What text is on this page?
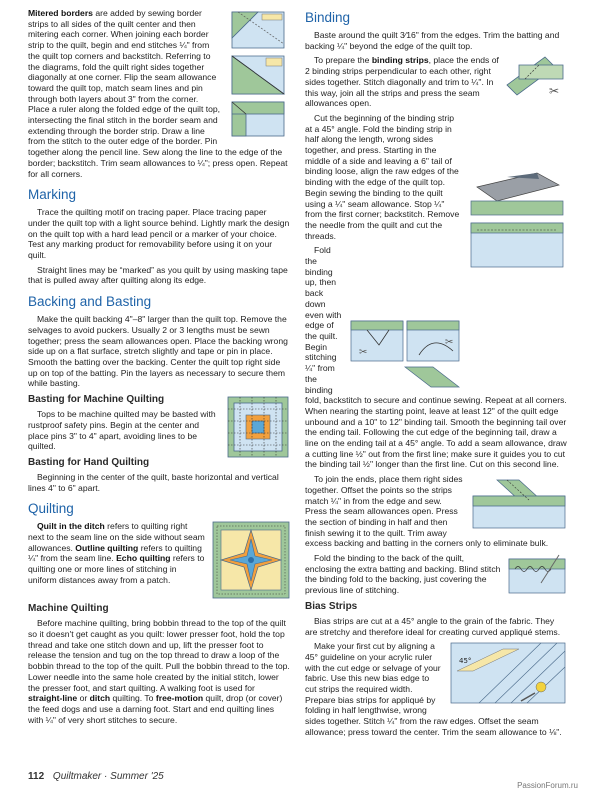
Mitered borders are added by sewing border strips to all sides of the quilt center and then mitering each corner. When joining each border strip to the quilt, begin and end stitches ¼" from the quilt top corners and backstitch. Referring to the diagrams, fold the quilt right sides together diagonally at one corner. Flip the seam allowance toward the quilt top, match seam lines and pin through both layers about 3" from the corner. Place a ruler along the folded edge of the quilt top, intersecting the final stitch in the border seam and extending through the border strip. Draw a line from the stitch to the outer edge of the border. Pin together along the pencil line. Sew along the line to the edge of the border; backstitch. Trim seam allowances to ¼"; press open. Repeat for all corners.

Marking

Trace the quilting motif on tracing paper. Place tracing paper under the quilt top with a light source behind. Lightly mark the design on the quilt top with a hard lead pencil or a marker of your choice. Test any marking product for removability before using it on your quilt.

Straight lines may be “marked” as you quilt by using masking tape that is pulled away after quilting along its edge.

Backing and Basting

Make the quilt backing 4"–8" larger than the quilt top. Remove the selvages to avoid puckers. Usually 2 or 3 lengths must be sewn together; press the seam allowances open. Place the backing wrong side up on a flat surface, stretch slightly and tape or pin in place. Smooth the batting over the backing. Center the quilt top right side up on top of the batting. Pin the layers as necessary to secure them while basting.

Basting for Machine Quilting

Tops to be machine quilted may be basted with rustproof safety pins. Begin at the center and place pins 3" to 4" apart, avoiding lines to be quilted.

Basting for Hand Quilting

Beginning in the center of the quilt, baste horizontal and vertical lines 4" to 6" apart.

Quilting

Quilt in the ditch refers to quilting right next to the seam line on the side without seam allowances. Outline quilting refers to quilting ¼" from the seam line. Echo quilting refers to quilting one or more lines of stitching in uniform distances away from a patch.

Machine Quilting

Before machine quilting, bring bobbin thread to the top of the quilt so it doesn't get caught as you quilt: lower presser foot, hold the top thread and take one stitch down and up, lift the presser foot to release the tension and tug on the top thread to draw a loop of the bobbin thread to the top of the quilt. Pull the bobbin thread to the top. Lower needle into the same hole created by the initial stitch, lower the presser foot, and start quilting. A walking foot is used for straight-line or ditch quilting. To free-motion quilt, drop (or cover) the feed dogs and use a darning foot. Start and end quilting lines with ¼" of very short stitches to secure.

Binding

Baste around the quilt 3⁄16" from the edges. Trim the batting and backing ¼" beyond the edge of the quilt top.

✂

To prepare the binding strips, place the ends of 2 binding strips perpendicular to each other, right sides together. Stitch diagonally and trim to ¼". In this way, join all the strips and press the seam allowances open.

Cut the beginning of the binding strip at a 45° angle. Fold the binding strip in half along the length, wrong sides together, and press. Starting in the middle of a side and leaving a 6" tail of binding loose, align the raw edges of the binding with the edge of the quilt top. Begin sewing the binding to the quilt using a ¼" seam allowance. Stop ¼" from the first corner; backstitch. Remove the needle from the quilt and cut the threads.

✂
✂

Fold the binding up, then back down even with edge of the quilt. Begin stitching ¼" from the binding fold, backstitch to secure and continue sewing. Repeat at all corners. When nearing the starting point, leave at least 12" of the quilt edge unbound and a 10" to 12" binding tail. Smooth the beginning tail over the ending tail. Following the cut edge of the beginning tail, draw a line on the ending tail at a 45° angle. To add a seam allowance, draw a cutting line ½" out from the first line; make sure it guides you to cut the binding tail ½" longer than the first line. Cut on this second line.

To join the ends, place them right sides together. Offset the points so the strips match ¼" in from the edge and sew. Press the seam allowances open. Press the section of binding in half and then finish sewing it to the quilt. Trim away excess backing and batting in the corners only to eliminate bulk.

Fold the binding to the back of the quilt, enclosing the extra batting and backing. Blind stitch the binding fold to the backing, just covering the previous line of stitching.

Bias Strips

Bias strips are cut at a 45° angle to the grain of the fabric. They are stretchy and therefore ideal for creating curved appliqué stems.

45°

Make your first cut by aligning a 45° guideline on your acrylic ruler with the cut edge or selvage of your fabric. Use this new bias edge to cut strips the required width. Prepare bias strips for appliqué by folding in half lengthwise, wrong sides together. Stitch ¼" from the raw edges. Offset the seam allowance; press toward the center. Trim the seam allowance to ⅛".

112 Quiltmaker · Summer '25
PassionForum.ru
